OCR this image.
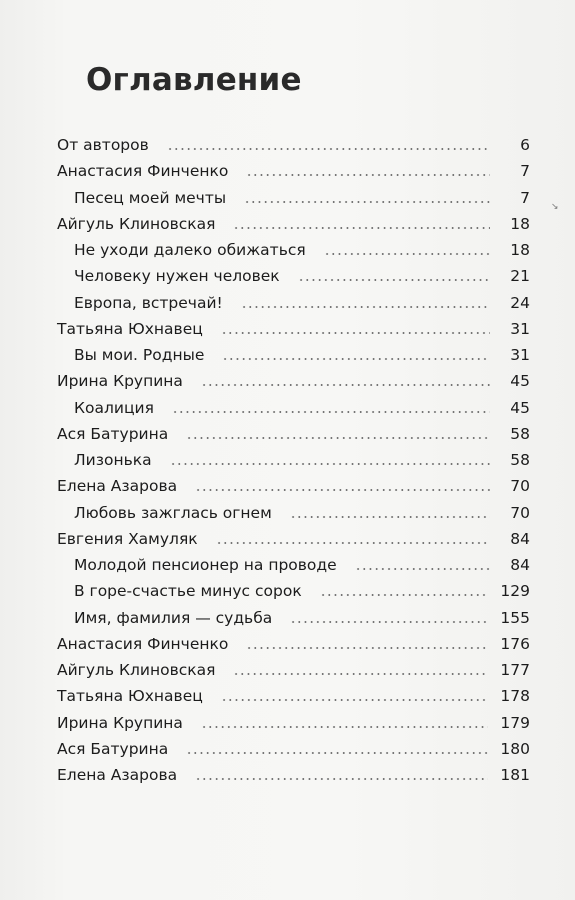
Оглавление
От авторов	6
Анастасия Финченко	7
Песец моей мечты	7
Айгуль Клиновская	18
Не уходи далеко обижаться	18
Человеку нужен человек	21
Европа, встречай!	24
Татьяна Юхнавец	31
Вы мои. Родные	31
Ирина Крупина	45
Коалиция	45
Ася Батурина	58
Лизонька	58
Елена Азарова	70
Любовь зажглась огнем	70
Евгения Хамуляк	84
Молодой пенсионер на проводе	84
В горе-счастье минус сорок	129
Имя, фамилия — судьба	155
Анастасия Финченко	176
Айгуль Клиновская	177
Татьяна Юхнавец	178
Ирина Крупина	179
Ася Батурина	180
Елена Азарова	181
↘
